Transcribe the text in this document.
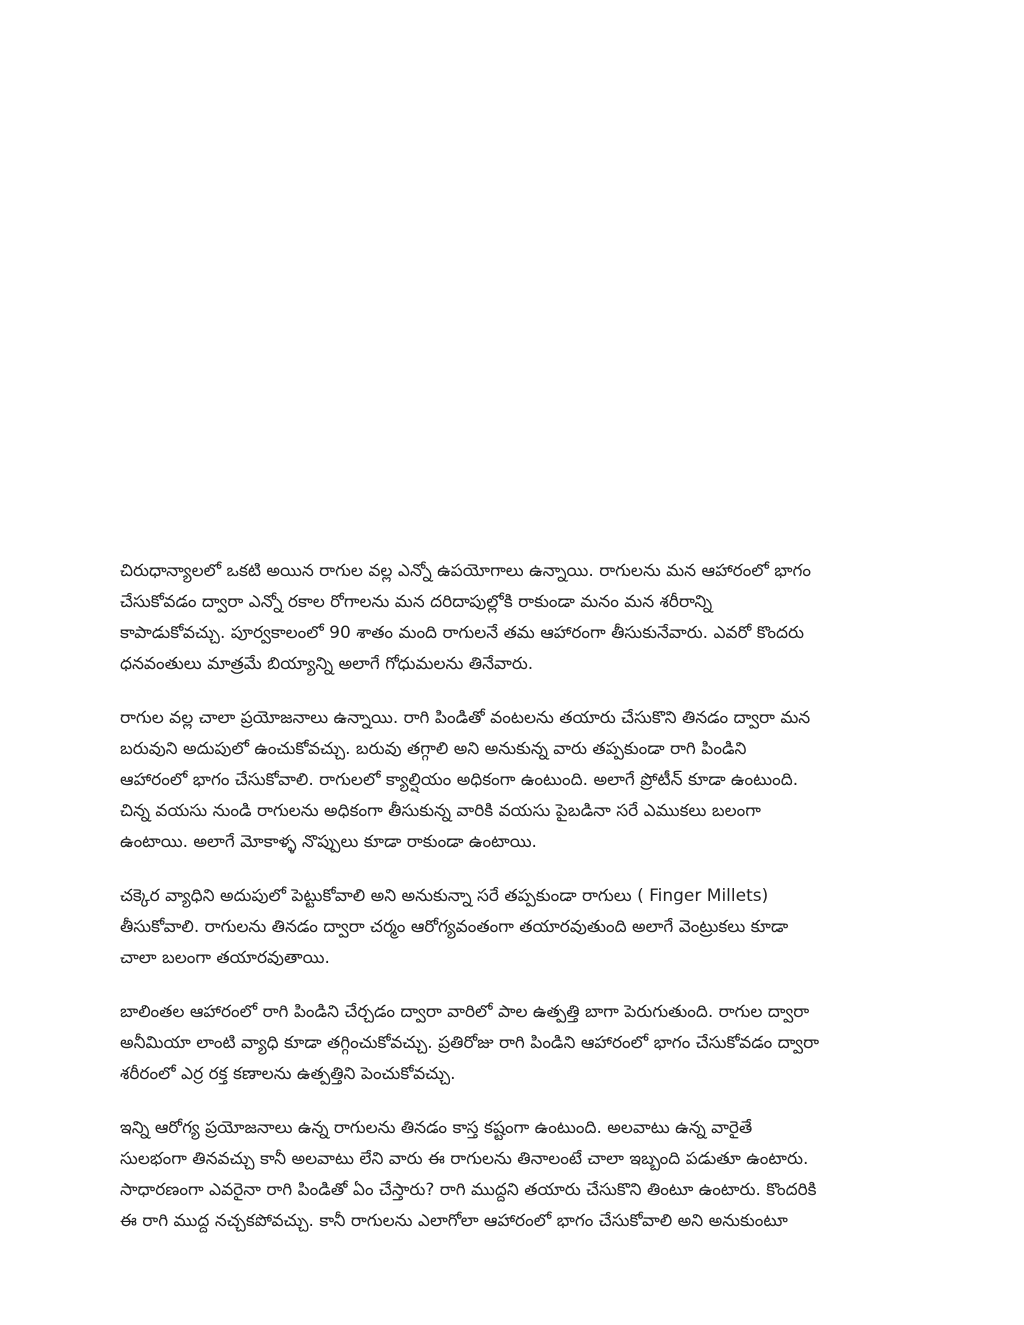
చిరుధాన్యాలలో ఒకటి అయిన రాగుల వల్ల ఎన్నో ఉపయోగాలు ఉన్నాయి. రాగులను మన ఆహారంలో భాగం
చేసుకోవడం ద్వారా ఎన్నో రకాల రోగాలను మన దరిదాపుల్లోకి రాకుండా మనం మన శరీరాన్ని
కాపాడుకోవచ్చు. పూర్వకాలంలో 90 శాతం మంది రాగులనే తమ ఆహారంగా తీసుకునేవారు. ఎవరో కొందరు
ధనవంతులు మాత్రమే బియ్యాన్ని అలాగే గోధుమలను తినేవారు.

రాగుల వల్ల చాలా ప్రయోజనాలు ఉన్నాయి. రాగి పిండితో వంటలను తయారు చేసుకొని తినడం ద్వారా మన
బరువుని అదుపులో ఉంచుకోవచ్చు. బరువు తగ్గాలి అని అనుకున్న వారు తప్పకుండా రాగి పిండిని
ఆహారంలో భాగం చేసుకోవాలి. రాగులలో క్యాల్షియం అధికంగా ఉంటుంది. అలాగే ప్రోటీన్ కూడా ఉంటుంది.
చిన్న వయసు నుండి రాగులను అధికంగా తీసుకున్న వారికి వయసు పైబడినా సరే ఎముకలు బలంగా
ఉంటాయి. అలాగే మోకాళ్ళ నొప్పులు కూడా రాకుండా ఉంటాయి.

చక్కెర వ్యాధిని అదుపులో పెట్టుకోవాలి అని అనుకున్నా సరే తప్పకుండా రాగులు ( Finger Millets)
తీసుకోవాలి. రాగులను తినడం ద్వారా చర్మం ఆరోగ్యవంతంగా తయారవుతుంది అలాగే వెంట్రుకలు కూడా
చాలా బలంగా తయారవుతాయి.

బాలింతల ఆహారంలో రాగి పిండిని చేర్చడం ద్వారా వారిలో పాల ఉత్పత్తి బాగా పెరుగుతుంది. రాగుల ద్వారా
అనీమియా లాంటి వ్యాధి కూడా తగ్గించుకోవచ్చు. ప్రతిరోజు రాగి పిండిని ఆహారంలో భాగం చేసుకోవడం ద్వారా
శరీరంలో ఎర్ర రక్త కణాలను ఉత్పత్తిని పెంచుకోవచ్చు.

ఇన్ని ఆరోగ్య ప్రయోజనాలు ఉన్న రాగులను తినడం కాస్త కష్టంగా ఉంటుంది. అలవాటు ఉన్న వారైతే
సులభంగా తినవచ్చు కానీ అలవాటు లేని వారు ఈ రాగులను తినాలంటే చాలా ఇబ్బంది పడుతూ ఉంటారు.
సాధారణంగా ఎవరైనా రాగి పిండితో ఏం చేస్తారు? రాగి ముద్దని తయారు చేసుకొని తింటూ ఉంటారు. కొందరికి
ఈ రాగి ముద్ద నచ్చకపోవచ్చు. కానీ రాగులను ఎలాగోలా ఆహారంలో భాగం చేసుకోవాలి అని అనుకుంటూ
